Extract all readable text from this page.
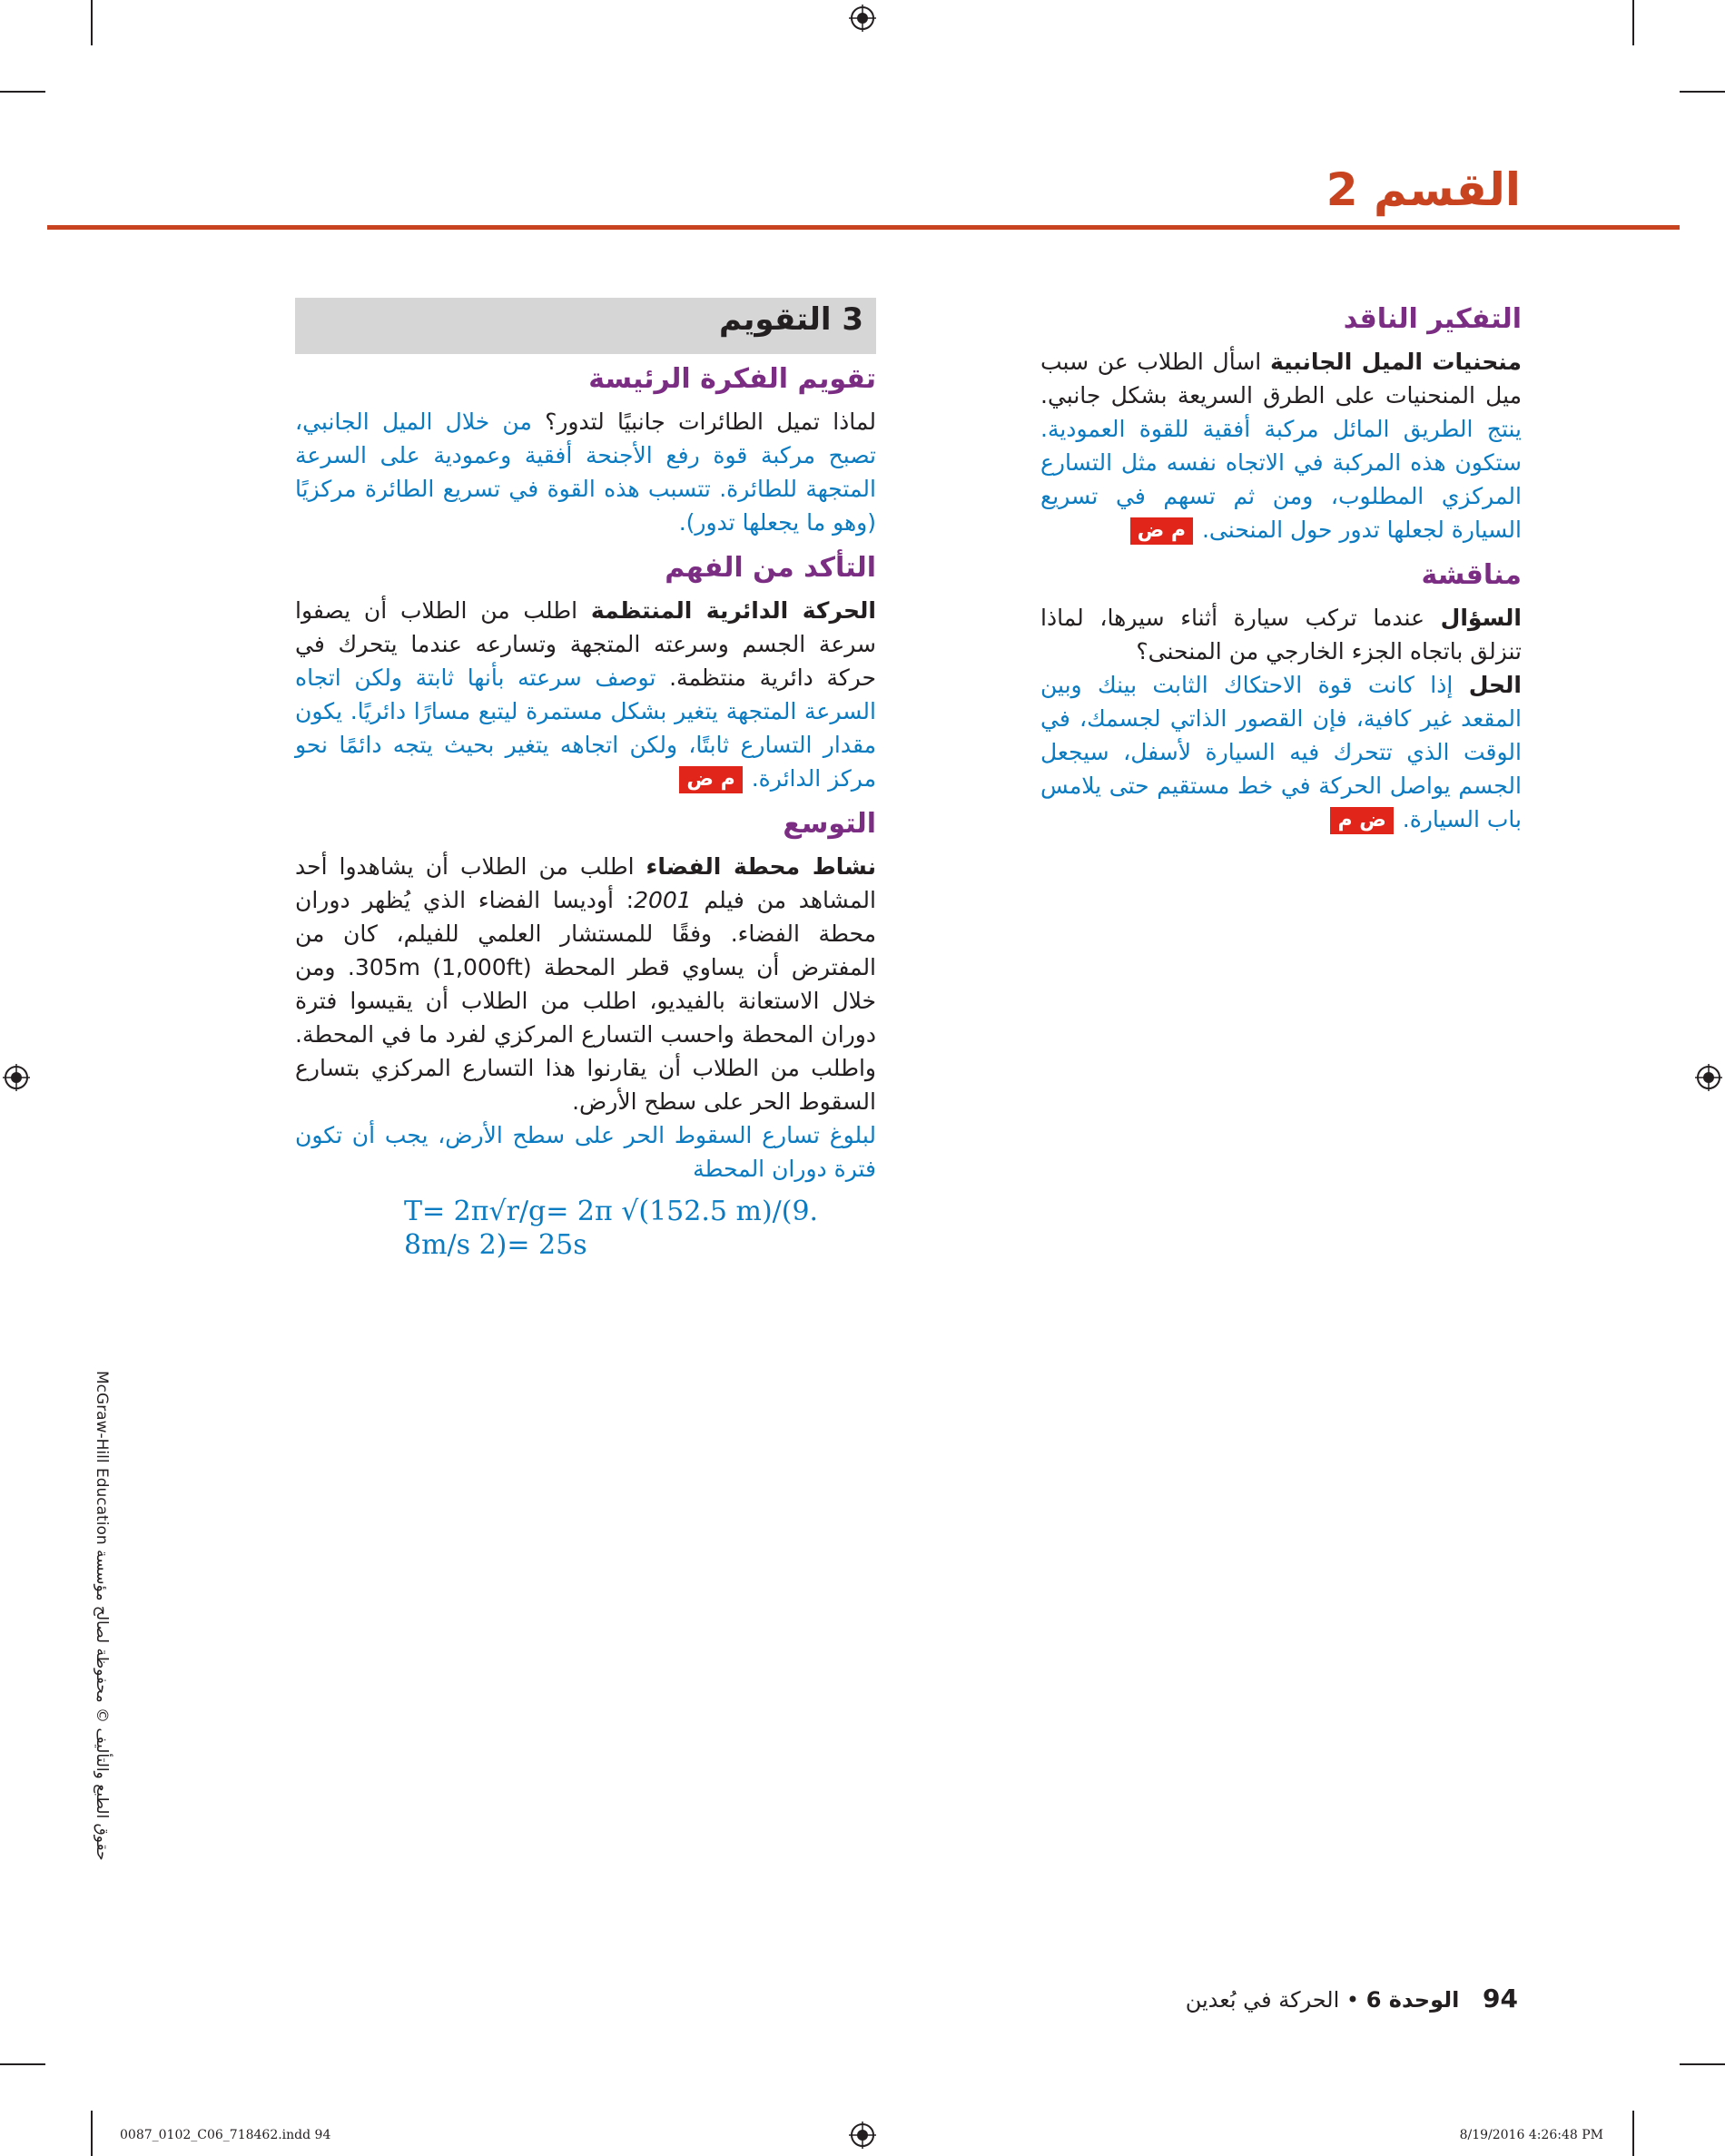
القسم 2
التفكير الناقد

منحنيات الميل الجانبية اسأل الطلاب عن سبب ميل المنحنيات على الطرق السريعة بشكل جانبي. ينتج الطريق المائل مركبة أفقية للقوة العمودية. ستكون هذه المركبة في الاتجاه نفسه مثل التسارع المركزي المطلوب، ومن ثم تسهم في تسريع السيارة لجعلها تدور حول المنحنى. م ض

مناقشة

السؤال عندما تركب سيارة أثناء سيرها، لماذا تنزلق باتجاه الجزء الخارجي من المنحنى؟

الحل إذا كانت قوة الاحتكاك الثابت بينك وبين المقعد غير كافية، فإن القصور الذاتي لجسمك، في الوقت الذي تتحرك فيه السيارة لأسفل، سيجعل الجسم يواصل الحركة في خط مستقيم حتى يلامس باب السيارة. ض م

3 التقويم
تقويم الفكرة الرئيسة

لماذا تميل الطائرات جانبيًا لتدور؟ من خلال الميل الجانبي، تصبح مركبة قوة رفع الأجنحة أفقية وعمودية على السرعة المتجهة للطائرة. تتسبب هذه القوة في تسريع الطائرة مركزيًا (وهو ما يجعلها تدور).

التأكد من الفهم

الحركة الدائرية المنتظمة اطلب من الطلاب أن يصفوا سرعة الجسم وسرعته المتجهة وتسارعه عندما يتحرك في حركة دائرية منتظمة. توصف سرعته بأنها ثابتة ولكن اتجاه السرعة المتجهة يتغير بشكل مستمرة ليتبع مسارًا دائريًا. يكون مقدار التسارع ثابتًا، ولكن اتجاهه يتغير بحيث يتجه دائمًا نحو مركز الدائرة. م ض

التوسع

نشاط محطة الفضاء اطلب من الطلاب أن يشاهدوا أحد المشاهد من فيلم 2001: أوديسا الفضاء الذي يُظهر دوران محطة الفضاء. وفقًا للمستشار العلمي للفيلم، كان من المفترض أن يساوي قطر المحطة 305m (1,000ft). ومن خلال الاستعانة بالفيديو، اطلب من الطلاب أن يقيسوا فترة دوران المحطة واحسب التسارع المركزي لفرد ما في المحطة. واطلب من الطلاب أن يقارنوا هذا التسارع المركزي بتسارع السقوط الحر على سطح الأرض.

لبلوغ تسارع السقوط الحر على سطح الأرض، يجب أن تكون فترة دوران المحطة

T= 2π√r/g= 2π √(152.5 m)/(9. 8m/s 2)= 25s
حقوق الطبع والتأليف © محفوظة لصالح مؤسسة McGraw-Hill Education
94 الوحدة 6 • الحركة في بُعدين
0087_0102_C06_718462.indd 94	8/19/2016 4:26:48 PM
